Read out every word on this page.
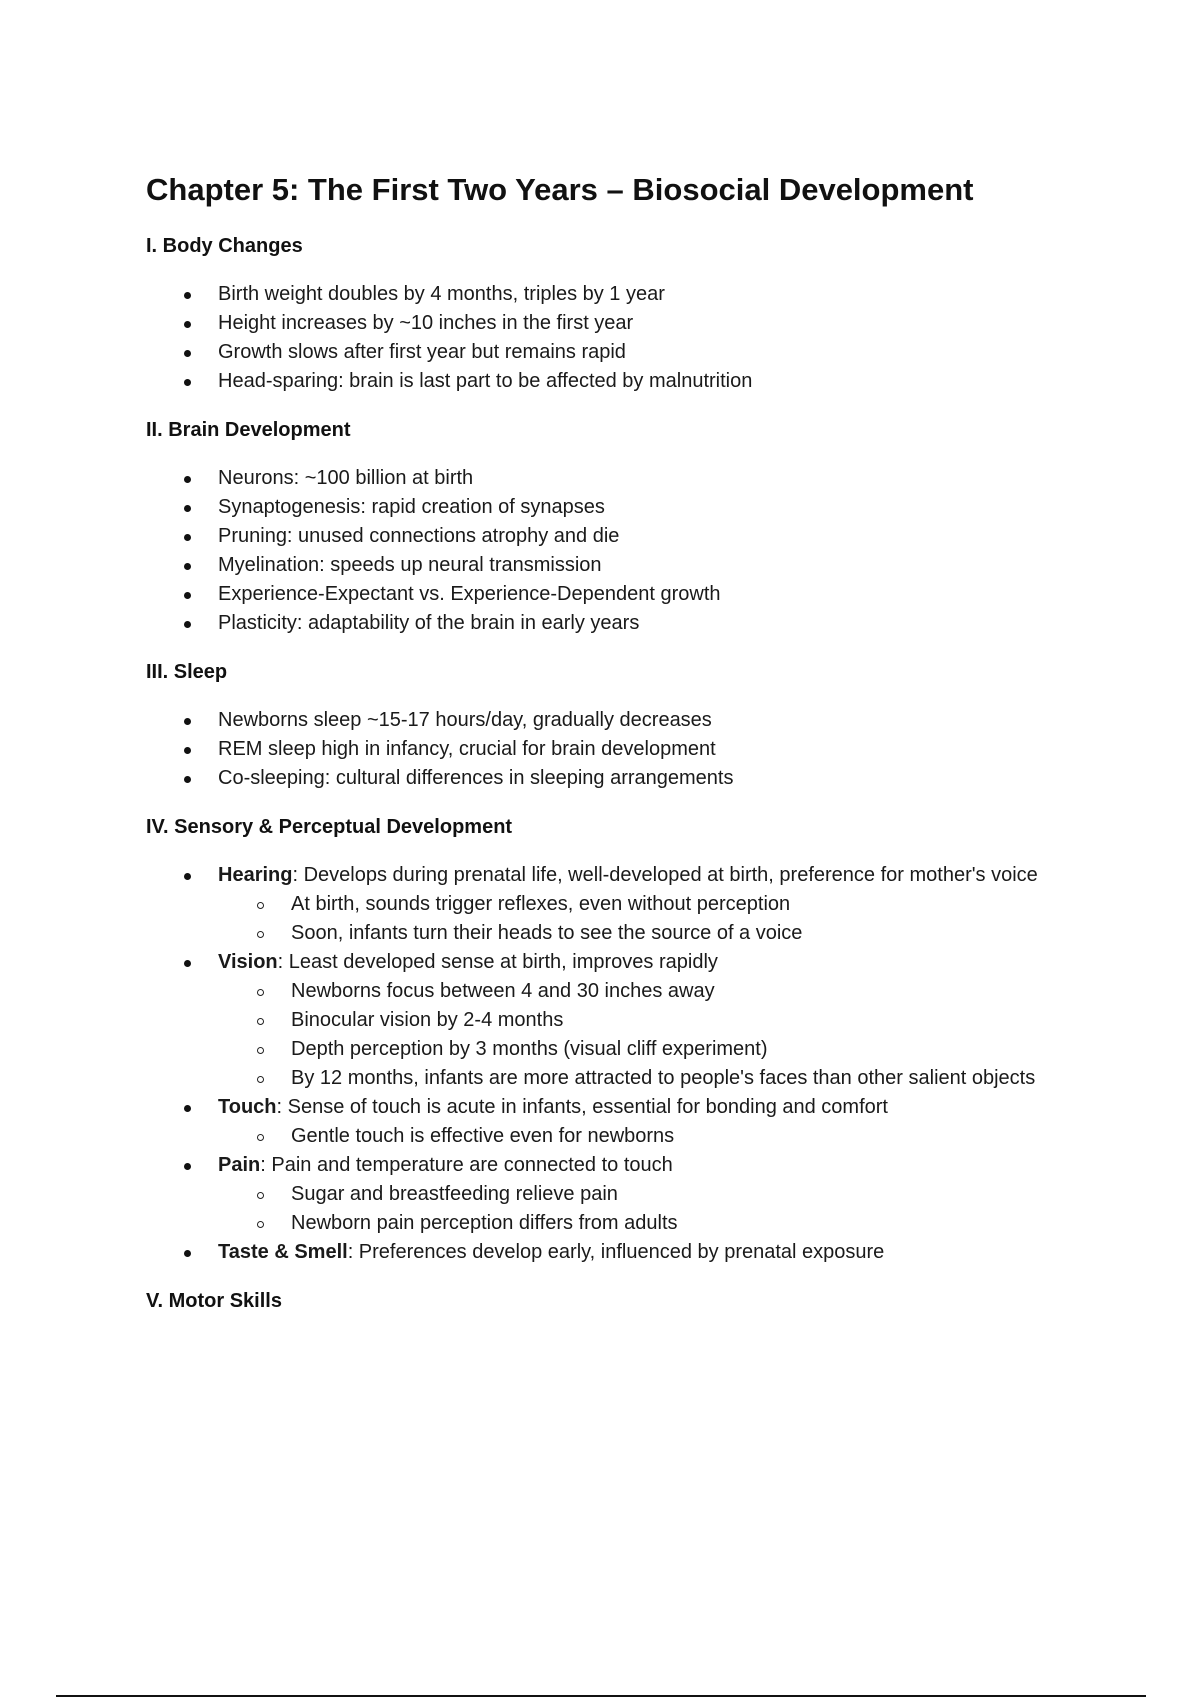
Chapter 5: The First Two Years – Biosocial Development
I. Body Changes
Birth weight doubles by 4 months, triples by 1 year
Height increases by ~10 inches in the first year
Growth slows after first year but remains rapid
Head-sparing: brain is last part to be affected by malnutrition
II. Brain Development
Neurons: ~100 billion at birth
Synaptogenesis: rapid creation of synapses
Pruning: unused connections atrophy and die
Myelination: speeds up neural transmission
Experience-Expectant vs. Experience-Dependent growth
Plasticity: adaptability of the brain in early years
III. Sleep
Newborns sleep ~15-17 hours/day, gradually decreases
REM sleep high in infancy, crucial for brain development
Co-sleeping: cultural differences in sleeping arrangements
IV. Sensory & Perceptual Development
Hearing: Develops during prenatal life, well-developed at birth, preference for mother's voice
At birth, sounds trigger reflexes, even without perception
Soon, infants turn their heads to see the source of a voice
Vision: Least developed sense at birth, improves rapidly
Newborns focus between 4 and 30 inches away
Binocular vision by 2-4 months
Depth perception by 3 months (visual cliff experiment)
By 12 months, infants are more attracted to people's faces than other salient objects
Touch: Sense of touch is acute in infants, essential for bonding and comfort
Gentle touch is effective even for newborns
Pain: Pain and temperature are connected to touch
Sugar and breastfeeding relieve pain
Newborn pain perception differs from adults
Taste & Smell: Preferences develop early, influenced by prenatal exposure
V. Motor Skills
